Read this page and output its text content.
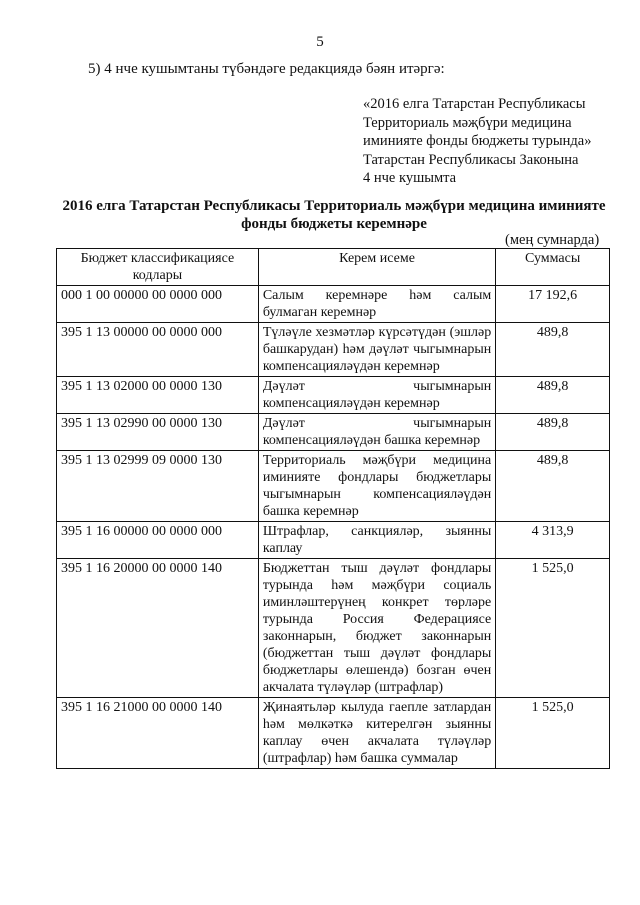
5
5) 4 нче кушымтаны түбәндәге редакциядә бәян итәргә:
«2016 елга Татарстан Республикасы
Территориаль мәҗбүри медицина
иминияте фонды бюджеты турында»
Татарстан Республикасы Законына
4 нче кушымта
2016 елга Татарстан Республикасы Территориаль мәҗбүри медицина иминияте
фонды бюджеты керемнәре
(мең сумнарда)
Бюджет классификациясе кодлары	Керем исеме	Суммасы
000 1 00 00000 00 0000 000	Салым керемнәре һәм салым булмаган керемнәр	17 192,6
395 1 13 00000 00 0000 000	Түләүле хезмәтләр күрсәтүдән (эшләр башкарудан) һәм дәүләт чыгымнарын компенсацияләүдән керемнәр	489,8
395 1 13 02000 00 0000 130	Дәүләт чыгымнарын компенсацияләүдән керемнәр	489,8
395 1 13 02990 00 0000 130	Дәүләт чыгымнарын компенсацияләүдән башка керемнәр	489,8
395 1 13 02999 09 0000 130	Территориаль мәҗбүри медицина иминияте фондлары бюджетлары чыгымнарын компенсацияләүдән башка керемнәр	489,8
395 1 16 00000 00 0000 000	Штрафлар, санкцияләр, зыянны каплау	4 313,9
395 1 16 20000 00 0000 140	Бюджеттан тыш дәүләт фондлары турында һәм мәҗбүри социаль иминләштерүнең конкрет төрләре турында Россия Федерациясе законнарын, бюджет законнарын (бюджеттан тыш дәүләт фондлары бюджетлары өлешендә) бозган өчен акчалата түләүләр (штрафлар)	1 525,0
395 1 16 21000 00 0000 140	Җинаятьләр кылуда гаепле затлардан һәм мөлкәткә китерелгән зыянны каплау өчен акчалата түләүләр (штрафлар) һәм башка суммалар	1 525,0
